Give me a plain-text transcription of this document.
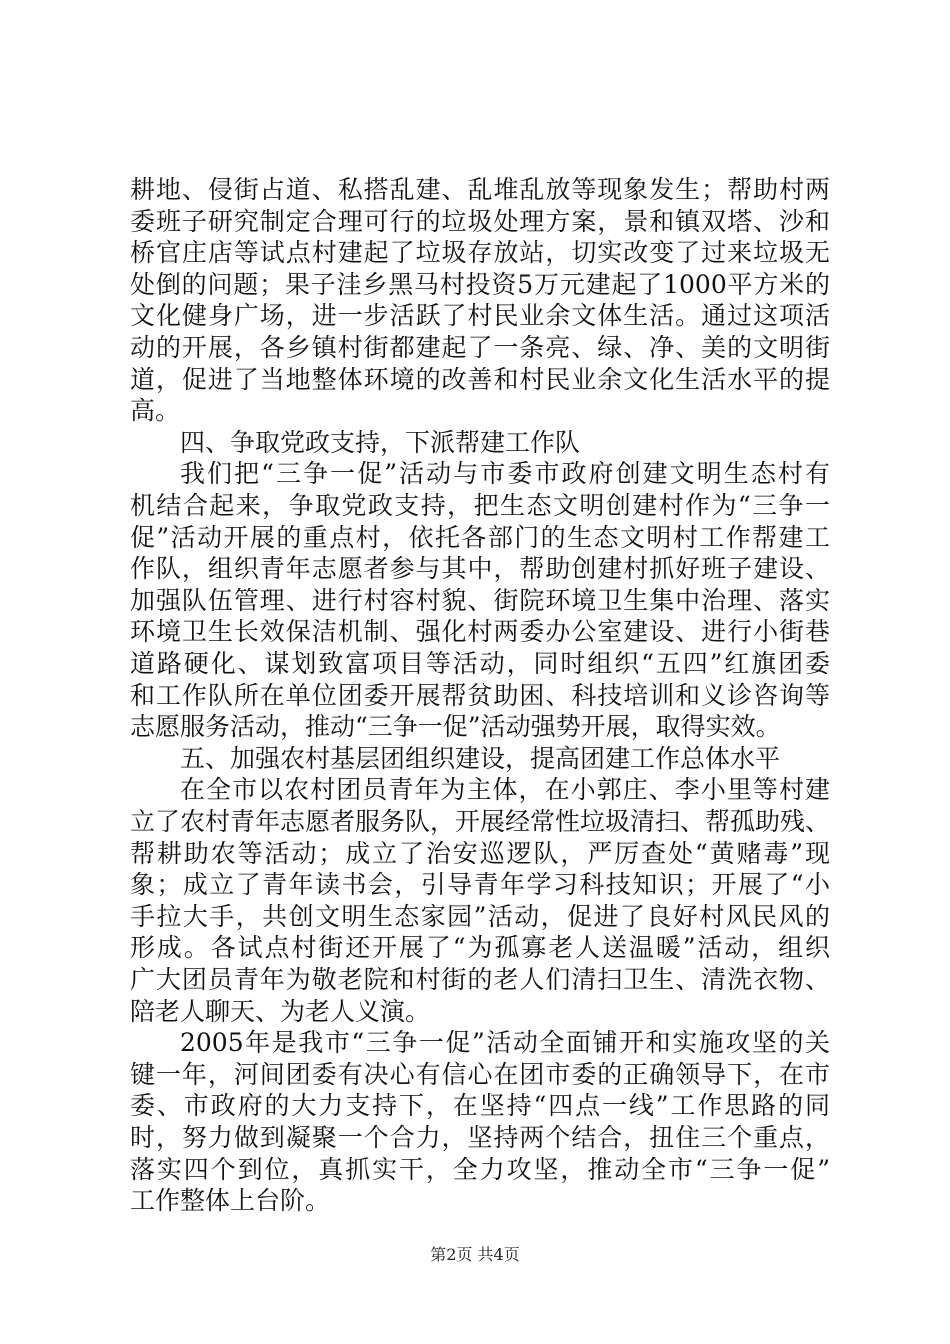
耕地、侵街占道、私搭乱建、乱堆乱放等现象发生；帮助村两
委班子研究制定合理可行的垃圾处理方案，景和镇双塔、沙和
桥官庄店等试点村建起了垃圾存放站，切实改变了过来垃圾无
处倒的问题；果子洼乡黑马村投资5万元建起了1000平方米的
文化健身广场，进一步活跃了村民业余文体生活。通过这项活
动的开展，各乡镇村街都建起了一条亮、绿、净、美的文明街
道，促进了当地整体环境的改善和村民业余文化生活水平的提
高。
四、争取党政支持，下派帮建工作队
我们把“三争一促”活动与市委市政府创建文明生态村有
机结合起来，争取党政支持，把生态文明创建村作为“三争一
促”活动开展的重点村，依托各部门的生态文明村工作帮建工
作队，组织青年志愿者参与其中，帮助创建村抓好班子建设、
加强队伍管理、进行村容村貌、街院环境卫生集中治理、落实
环境卫生长效保洁机制、强化村两委办公室建设、进行小街巷
道路硬化、谋划致富项目等活动，同时组织“五四”红旗团委
和工作队所在单位团委开展帮贫助困、科技培训和义诊咨询等
志愿服务活动，推动“三争一促”活动强势开展，取得实效。
五、加强农村基层团组织建设，提高团建工作总体水平
在全市以农村团员青年为主体，在小郭庄、李小里等村建
立了农村青年志愿者服务队，开展经常性垃圾清扫、帮孤助残、
帮耕助农等活动；成立了治安巡逻队，严厉查处“黄赌毒”现
象；成立了青年读书会，引导青年学习科技知识；开展了“小
手拉大手，共创文明生态家园”活动，促进了良好村风民风的
形成。各试点村街还开展了“为孤寡老人送温暖”活动，组织
广大团员青年为敬老院和村街的老人们清扫卫生、清洗衣物、
陪老人聊天、为老人义演。
2005年是我市“三争一促”活动全面铺开和实施攻坚的关
键一年，河间团委有决心有信心在团市委的正确领导下，在市
委、市政府的大力支持下，在坚持“四点一线”工作思路的同
时，努力做到凝聚一个合力，坚持两个结合，扭住三个重点，
落实四个到位，真抓实干，全力攻坚，推动全市“三争一促”
工作整体上台阶。
第2页 共4页
